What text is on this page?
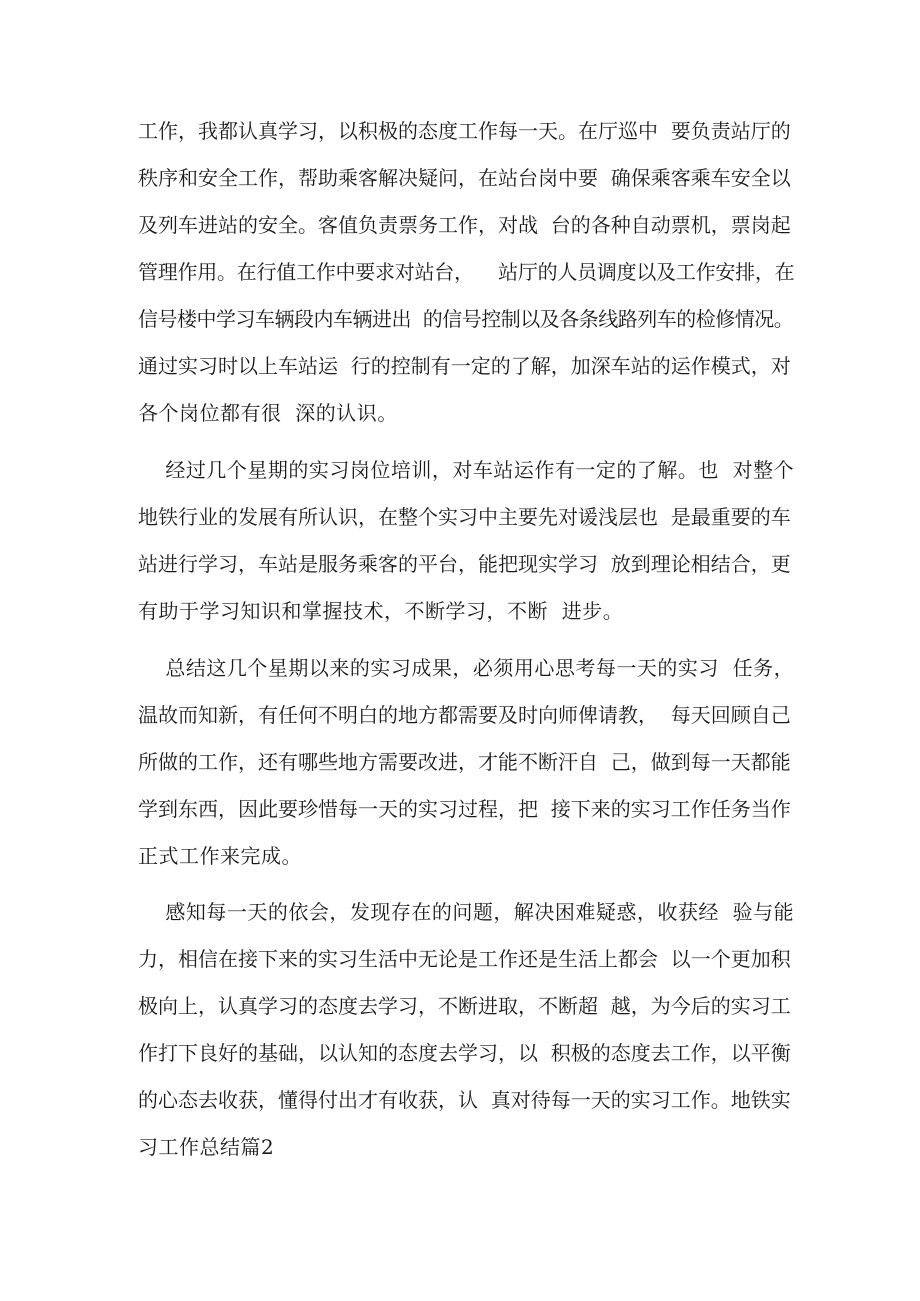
工作，我都认真学习，以积极的态度工作每一天。在厅巡中  要负责站厅的
秩序和安全工作，帮助乘客解决疑问，在站台岗中要  确保乘客乘车安全以
及列车进站的安全。客值负责票务工作，对战  台的各种自动票机，票岗起
管理作用。在行值工作中要求对站台，    站厅的人员调度以及工作安排，在
信号楼中学习车辆段内车辆进出  的信号控制以及各条线路列车的检修情况。
通过实习时以上车站运  行的控制有一定的了解，加深车站的运作模式，对
各个岗位都有很  深的认识。
经过几个星期的实习岗位培训，对车站运作有一定的了解。也  对整个
地铁行业的发展有所认识，在整个实习中主要先对谖浅层也  是最重要的车
站进行学习，车站是服务乘客的平台，能把现实学习  放到理论相结合，更
有助于学习知识和掌握技术，不断学习，不断  进步。
总结这几个星期以来的实习成果，必须用心思考每一天的实习  任务，
温故而知新，有任何不明白的地方都需要及时向师俾请教，  每天回顾自己
所做的工作，还有哪些地方需要改进，才能不断汗自  己，做到每一天都能
学到东西，因此要珍惜每一天的实习过程，把  接下来的实习工作任务当作
正式工作来完成。
感知每一天的依会，发现存在的问题，解决困难疑惑，收获经  验与能
力，相信在接下来的实习生活中无论是工作还是生活上都会  以一个更加积
极向上，认真学习的态度去学习，不断进取，不断超  越，为今后的实习工
作打下良好的基础，以认知的态度去学习，以  积极的态度去工作，以平衡
的心态去收获，懂得付出才有收获，认  真对待每一天的实习工作。地铁实
习工作总结篇2
